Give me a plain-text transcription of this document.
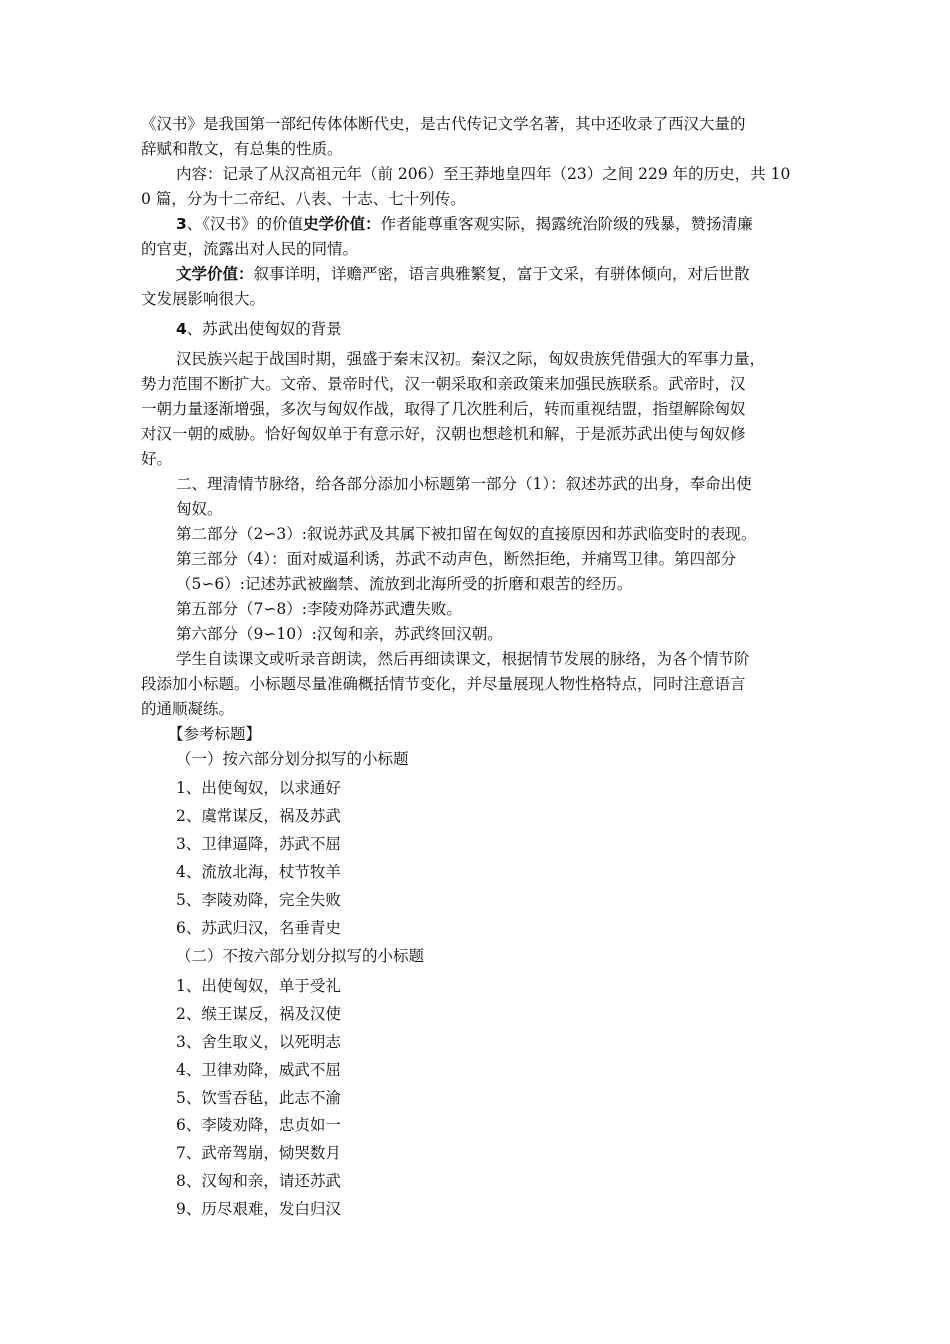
《汉书》是我国第一部纪传体体断代史，是古代传记文学名著，其中还收录了西汉大量的
辞赋和散文，有总集的性质。
内容：记录了从汉高祖元年（前 206）至王莽地皇四年（23）之间 229 年的历史，共 10
0 篇，分为十二帝纪、八表、十志、七十列传。
3、《汉书》的价值史学价值：作者能尊重客观实际，揭露统治阶级的残暴，赞扬清廉
的官吏，流露出对人民的同情。
文学价值：叙事详明，详赡严密，语言典雅繁复，富于文采，有骈体倾向，对后世散
文发展影响很大。
4、苏武出使匈奴的背景
汉民族兴起于战国时期，强盛于秦末汉初。秦汉之际，匈奴贵族凭借强大的军事力量，
势力范围不断扩大。文帝、景帝时代，汉一朝采取和亲政策来加强民族联系。武帝时，汉
一朝力量逐渐增强，多次与匈奴作战，取得了几次胜利后，转而重视结盟，指望解除匈奴
对汉一朝的威胁。恰好匈奴单于有意示好，汉朝也想趁机和解，于是派苏武出使与匈奴修
好。
二、理清情节脉络，给各部分添加小标题第一部分（1）：叙述苏武的出身，奉命出使
匈奴。
第二部分（2∽3）:叙说苏武及其属下被扣留在匈奴的直接原因和苏武临变时的表现。
第三部分（4）：面对威逼利诱，苏武不动声色，断然拒绝，并痛骂卫律。第四部分
（5∽6）:记述苏武被幽禁、流放到北海所受的折磨和艰苦的经历。
第五部分（7∽8）:李陵劝降苏武遭失败。
第六部分（9∽10）:汉匈和亲，苏武终回汉朝。
学生自读课文或听录音朗读，然后再细读课文，根据情节发展的脉络，为各个情节阶
段添加小标题。小标题尽量准确概括情节变化，并尽量展现人物性格特点，同时注意语言
的通顺凝练。
【参考标题】
（一）按六部分划分拟写的小标题
1、出使匈奴，以求通好
2、虞常谋反，祸及苏武
3、卫律逼降，苏武不屈
4、流放北海，杖节牧羊
5、李陵劝降，完全失败
6、苏武归汉，名垂青史
（二）不按六部分划分拟写的小标题
1、出使匈奴，单于受礼
2、缑王谋反，祸及汉使
3、舍生取义，以死明志
4、卫律劝降，威武不屈
5、饮雪吞毡，此志不渝
6、李陵劝降，忠贞如一
7、武帝驾崩，恸哭数月
8、汉匈和亲，请还苏武
9、历尽艰难，发白归汉
